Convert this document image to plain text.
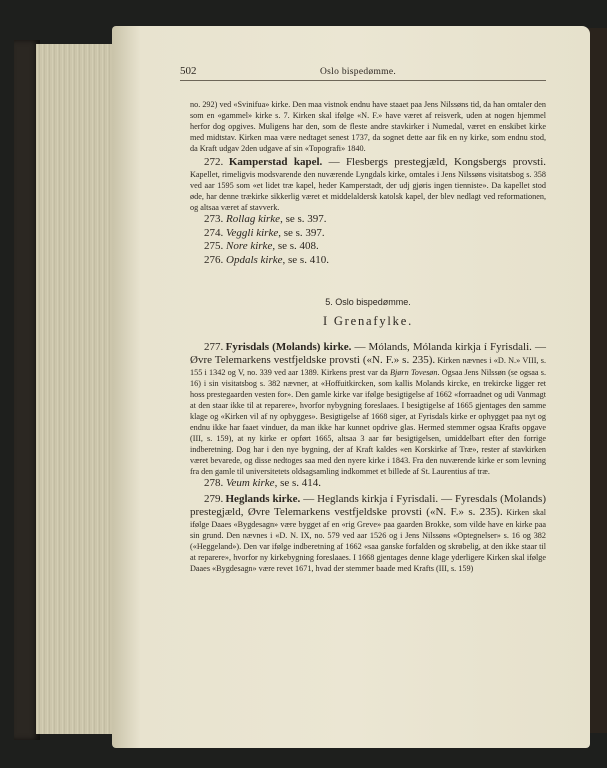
502	Oslo bispedømme.

no. 292) ved «Svinifua» kirke. Den maa vistnok endnu have staaet paa Jens Nilssøns tid, da han omtaler den som en «gammel» kirke s. 7. Kirken skal ifølge «N. F.» have været af reisverk, uden at nogen hjemmel herfor dog opgives. Muligens har den, som de fleste andre stavkirker i Numedal, været en enskibet kirke med midtstav. Kirken maa være nedtaget senest 1737, da sognet dette aar fik en ny kirke, som endnu stod, da Kraft udgav 2den udgave af sin «Topografi» 1840.

272. Kamperstad kapel. — Flesbergs prestegjæld, Kongsbergs provsti. Kapellet, rimeligvis modsvarende den nuværende Lyngdals kirke, omtales i Jens Nilssøns visitatsbog s. 358 ved aar 1595 som «et lidet træ kapel, heder Kamperstadt, der udj gjøris ingen tienniste». Da kapellet stod øde, har denne trækirke sikkerlig været et middelaldersk katolsk kapel, der blev nedlagt ved reformationen, og altsaa været af stavverk.

273. Rollag kirke, se s. 397.
274. Veggli kirke, se s. 397.
275. Nore kirke, se s. 408.
276. Opdals kirke, se s. 410.
5. Oslo bispedømme.
I Grenafylke.

277. Fyrisdals (Molands) kirke. — Mólands, Mólanda kirkja í Fyrisdali. — Øvre Telemarkens vestfjeldske provsti («N. F.» s. 235). Kirken nævnes i «D. N.» VIII, s. 155 i 1342 og V, no. 339 ved aar 1389. Kirkens prest var da Bjørn Tovesøn. Ogsaa Jens Nilssøn (se ogsaa s. 16) i sin visitatsbog s. 382 nævner, at «Hoffuitkircken, som kallis Molands kircke, en trekircke ligger ret hoss prestegaarden vesten for». Den gamle kirke var ifølge besigtigelse af 1662 «forraadnet og udi Vanmagt at den staar ikke til at reparere», hvorfor nybygning foreslaaes. I besigtigelse af 1665 gjentages den samme klage og «Kirken vil af ny opbygges». Besigtigelse af 1668 siger, at Fyrisdals kirke er ophygget paa nyt og endnu ikke har faaet vinduer, da man ikke har kunnet opdrive glas. Hermed stemmer ogsaa Krafts opgave (III, s. 159), at ny kirke er opført 1665, altsaa 3 aar før besigtigelsen, umiddelbart efter den forrige indberetning. Dog har i den nye bygning, der af Kraft kaldes «en Korskirke af Træ», rester af stavkirken været bevarede, og disse nedtoges saa med den nyere kirke i 1843. Fra den nuværende kirke er som levning fra den gamle til universitetets oldsagsamling indkommet et billede af St. Laurentius af træ.

278. Veum kirke, se s. 414.

279. Heglands kirke. — Heglands kirkja í Fyrisdali. — Fyresdals (Molands) prestegjæld, Øvre Telemarkens vestfjeldske provsti («N. F.» s. 235). Kirken skal ifølge Daaes «Bygdesagn» være bygget af en «rig Greve» paa gaarden Brokke, som vilde have en kirke paa sin grund. Den nævnes i «D. N. IX, no. 579 ved aar 1526 og i Jens Nilssøns «Optegnelser» s. 16 og 382 («Heggeland»). Den var ifølge indberetning af 1662 «saa ganske forfalden og skrøbelig, at den ikke staar til at reparere», hvorfor ny kirkebygning foreslaaes. I 1668 gjentages denne klage yderligere Kirken skal ifølge Daaes «Bygdesagn» være revet 1671, hvad der stemmer baade med Krafts (III, s. 159)
